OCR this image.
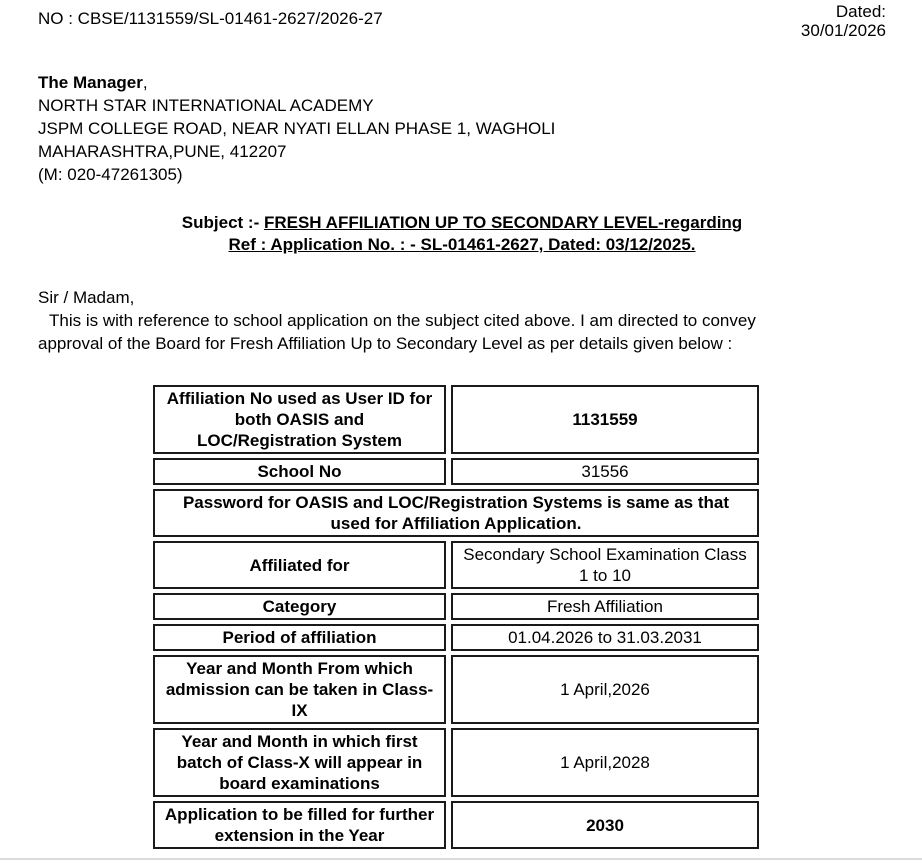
NO : CBSE/1131559/SL-01461-2627/2026-27	Dated:
30/01/2026
The Manager,
NORTH STAR INTERNATIONAL ACADEMY
JSPM COLLEGE ROAD, NEAR NYATI ELLAN PHASE 1, WAGHOLI
MAHARASHTRA,PUNE, 412207
(M: 020-47261305)
Subject :- FRESH AFFILIATION UP TO SECONDARY LEVEL-regarding
Ref : Application No. : - SL-01461-2627, Dated: 03/12/2025.
Sir / Madam,
This is with reference to school application on the subject cited above. I am directed to convey
approval of the Board for Fresh Affiliation Up to Secondary Level as per details given below :
Affiliation No used as User ID for both OASIS and LOC/Registration System	1131559
School No	31556
Password for OASIS and LOC/Registration Systems is same as that used for Affiliation Application.	
Affiliated for	Secondary School Examination Class 1 to 10
Category	Fresh Affiliation
Period of affiliation	01.04.2026 to 31.03.2031
Year and Month From which admission can be taken in Class-IX	1 April,2026
Year and Month in which first batch of Class-X will appear in board examinations	1 April,2028
Application to be filled for further extension in the Year	2030
